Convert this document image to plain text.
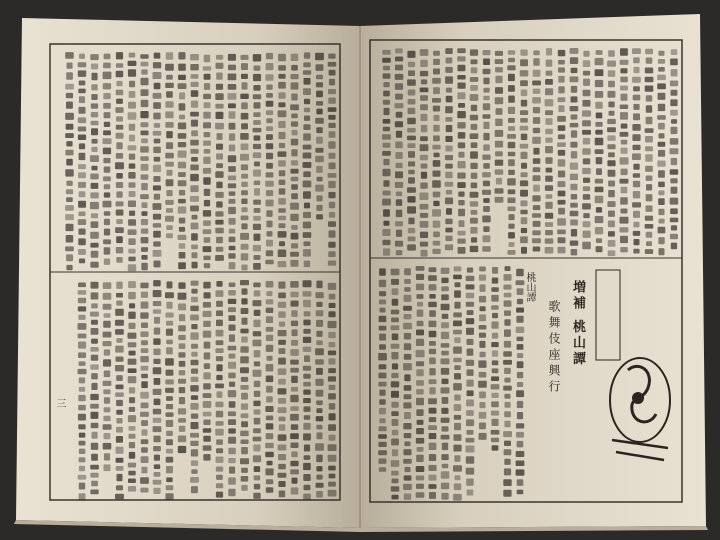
増補 桃山譚
歌舞伎座興行
桃山譚
三
